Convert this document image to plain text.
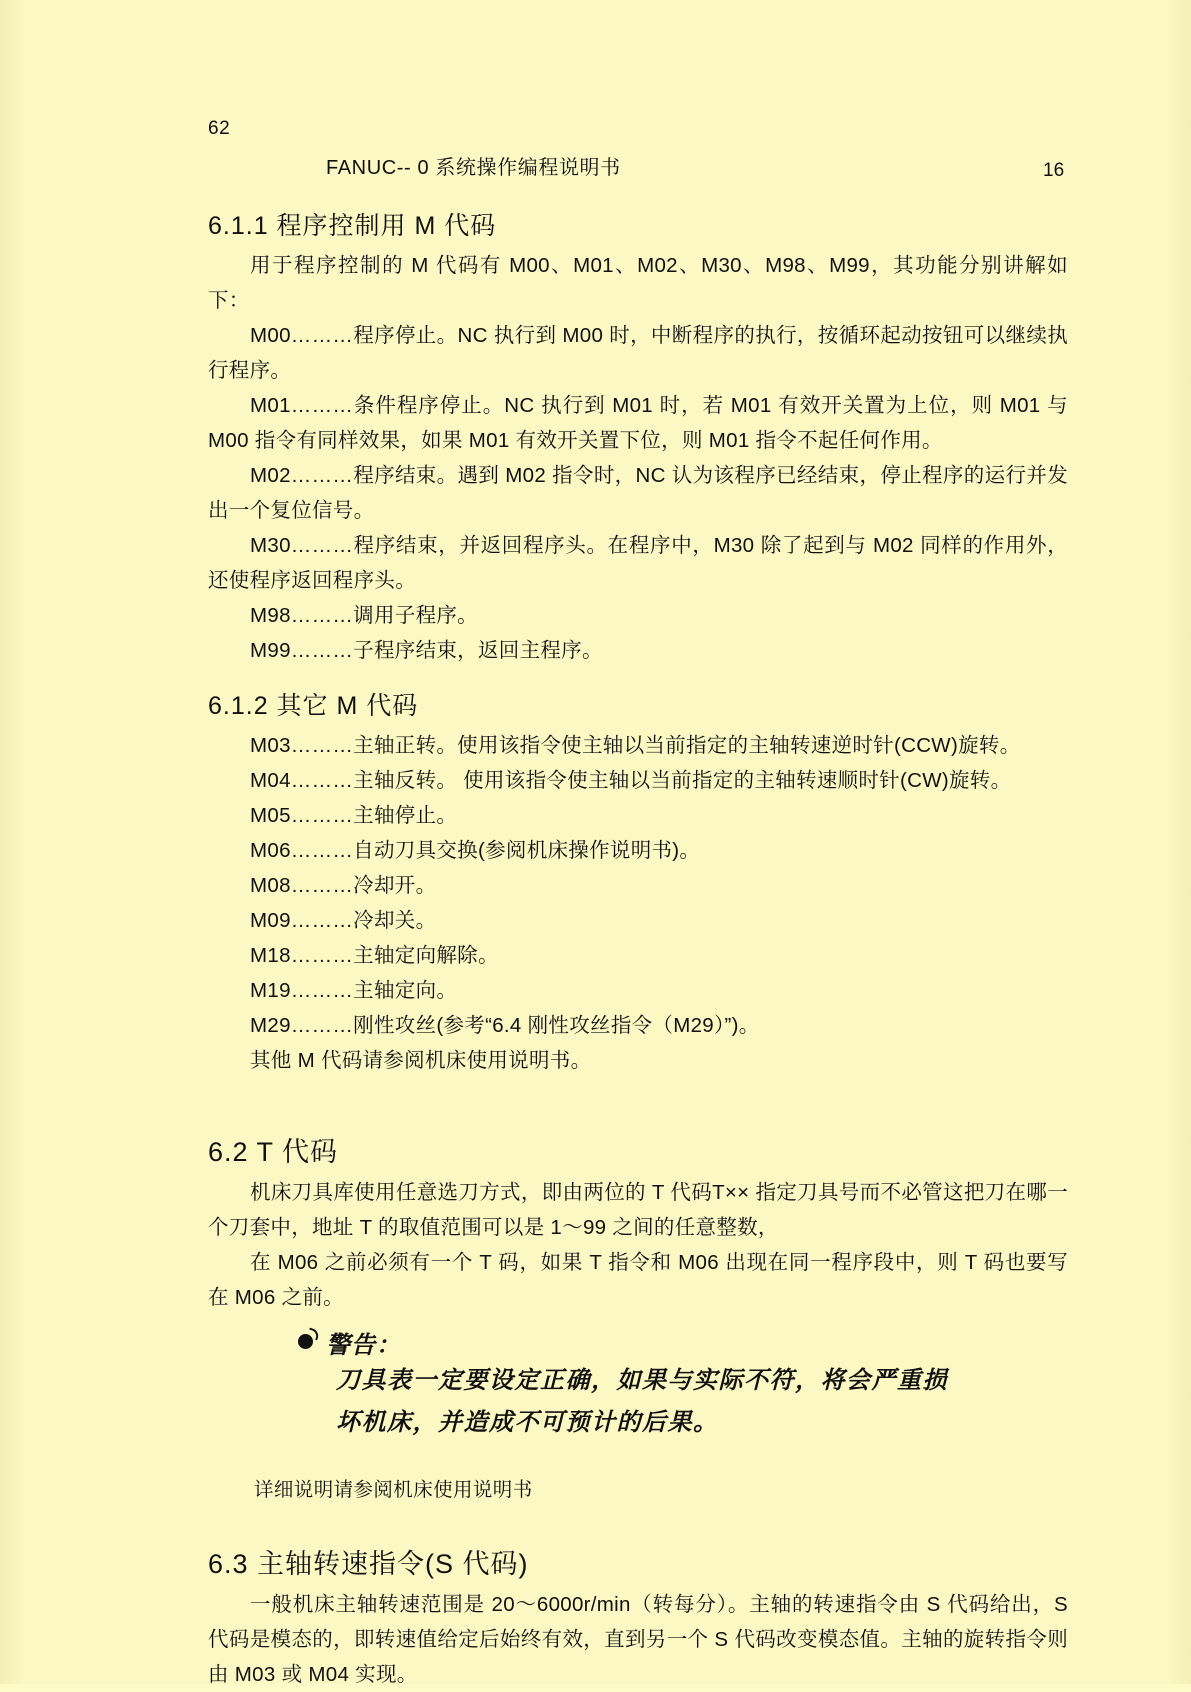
62
FANUC-- 0 系统操作编程说明书	16
6.1.1 程序控制用 M 代码

用于程序控制的 M 代码有 M00、M01、M02、M30、M98、M99，其功能分别讲解如下：

M00………程序停止。NC 执行到 M00 时，中断程序的执行，按循环起动按钮可以继续执行程序。

M01………条件程序停止。NC 执行到 M01 时，若 M01 有效开关置为上位，则 M01 与 M00 指令有同样效果，如果 M01 有效开关置下位，则 M01 指令不起任何作用。

M02………程序结束。遇到 M02 指令时，NC 认为该程序已经结束，停止程序的运行并发出一个复位信号。

M30………程序结束，并返回程序头。在程序中，M30 除了起到与 M02 同样的作用外，还使程序返回程序头。

M98………调用子程序。

M99………子程序结束，返回主程序。

6.1.2 其它 M 代码

M03………主轴正转。使用该指令使主轴以当前指定的主轴转速逆时针(CCW)旋转。

M04………主轴反转。 使用该指令使主轴以当前指定的主轴转速顺时针(CW)旋转。

M05………主轴停止。

M06………自动刀具交换(参阅机床操作说明书)。

M08………冷却开。

M09………冷却关。

M18………主轴定向解除。

M19………主轴定向。

M29………刚性攻丝(参考“6.4 刚性攻丝指令（M29）”)。

其他 M 代码请参阅机床使用说明书。

6.2 T 代码

机床刀具库使用任意选刀方式，即由两位的 T 代码T×× 指定刀具号而不必管这把刀在哪一个刀套中，地址 T 的取值范围可以是 1～99 之间的任意整数，

在 M06 之前必须有一个 T 码，如果 T 指令和 M06 出现在同一程序段中，则 T 码也要写在 M06 之前。

警告：
刀具表一定要设定正确，如果与实际不符，将会严重损
坏机床，并造成不可预计的后果。
详细说明请参阅机床使用说明书
6.3 主轴转速指令(S 代码)

一般机床主轴转速范围是 20～6000r/min（转每分）。主轴的转速指令由 S 代码给出，S 代码是模态的，即转速值给定后始终有效，直到另一个 S 代码改变模态值。主轴的旋转指令则由 M03 或 M04 实现。
